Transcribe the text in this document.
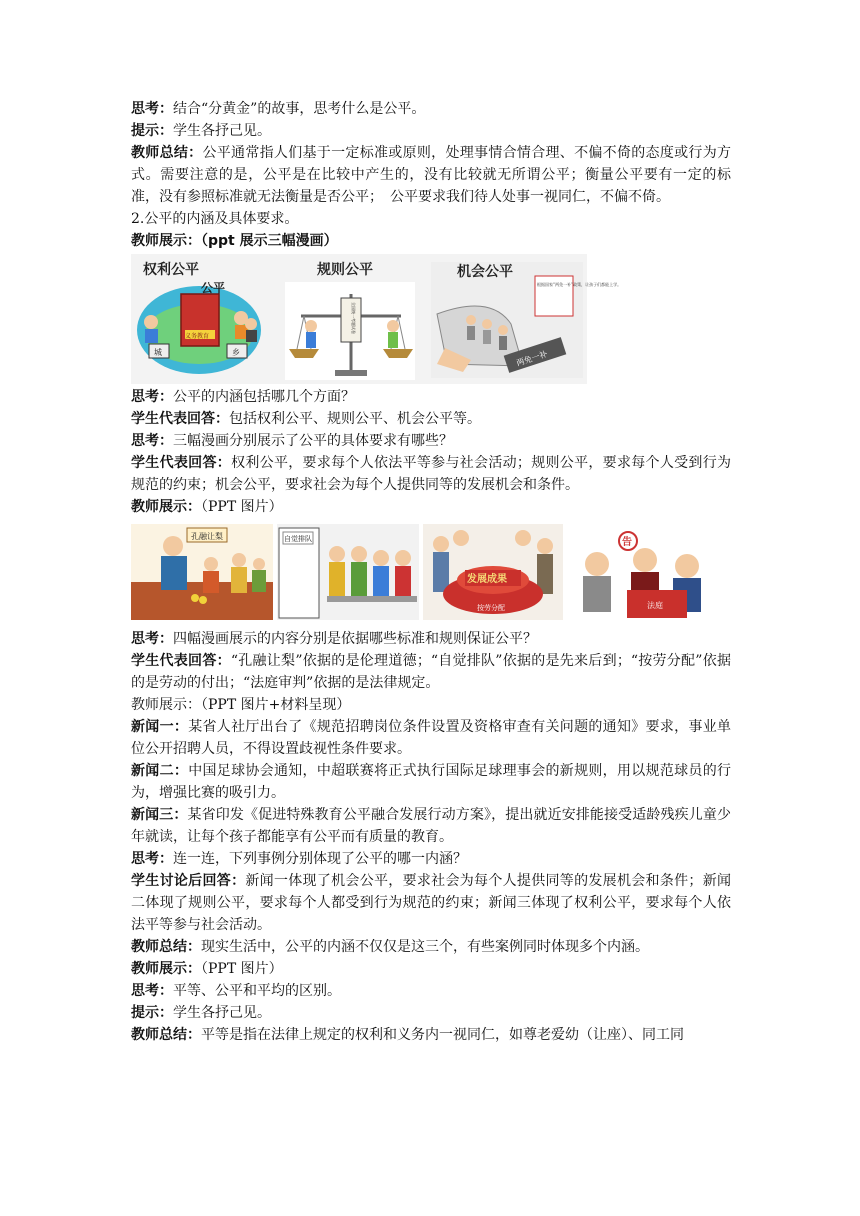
思考：结合“分黄金”的故事，思考什么是公平。

提示：学生各抒己见。

教师总结：公平通常指人们基于一定标准或原则，处理事情合情合理、不偏不倚的态度或行为方式。需要注意的是，公平是在比较中产生的，没有比较就无所谓公平；衡量公平要有一定的标准，没有参照标准就无法衡量是否公平；　公平要求我们待人处事一视同仁，不偏不倚。

2.公平的内涵及具体要求。

教师展示：（ppt 展示三幅漫画）

权利公平
公平
义务教育
城	乡
规则公平
全国统一考题试卷
机会公平
根据国家“两免一补”政策，让孩子们都能上学。
两免一补

思考：公平的内涵包括哪几个方面？

学生代表回答：包括权利公平、规则公平、机会公平等。

思考：三幅漫画分别展示了公平的具体要求有哪些？

学生代表回答：权利公平，要求每个人依法平等参与社会活动；规则公平，要求每个人受到行为规范的约束；机会公平，要求社会为每个人提供同等的发展机会和条件。

教师展示：（PPT 图片）

孔融让梨	自觉排队
发展成果
按劳分配
告
法庭

思考：四幅漫画展示的内容分别是依据哪些标准和规则保证公平？

学生代表回答：“孔融让梨”依据的是伦理道德；“自觉排队”依据的是先来后到；“按劳分配”依据的是劳动的付出；“法庭审判”依据的是法律规定。

教师展示：（PPT 图片+材料呈现）

新闻一：某省人社厅出台了《规范招聘岗位条件设置及资格审查有关问题的通知》要求，事业单位公开招聘人员，不得设置歧视性条件要求。

新闻二：中国足球协会通知，中超联赛将正式执行国际足球理事会的新规则，用以规范球员的行为，增强比赛的吸引力。

新闻三：某省印发《促进特殊教育公平融合发展行动方案》，提出就近安排能接受适龄残疾儿童少年就读，让每个孩子都能享有公平而有质量的教育。

思考：连一连，下列事例分别体现了公平的哪一内涵？

学生讨论后回答：新闻一体现了机会公平，要求社会为每个人提供同等的发展机会和条件；新闻二体现了规则公平，要求每个人都受到行为规范的约束；新闻三体现了权利公平，要求每个人依法平等参与社会活动。

教师总结：现实生活中，公平的内涵不仅仅是这三个，有些案例同时体现多个内涵。

教师展示：（PPT 图片）

思考：平等、公平和平均的区别。

提示：学生各抒己见。

教师总结：平等是指在法律上规定的权利和义务内一视同仁，如尊老爱幼（让座）、同工同
